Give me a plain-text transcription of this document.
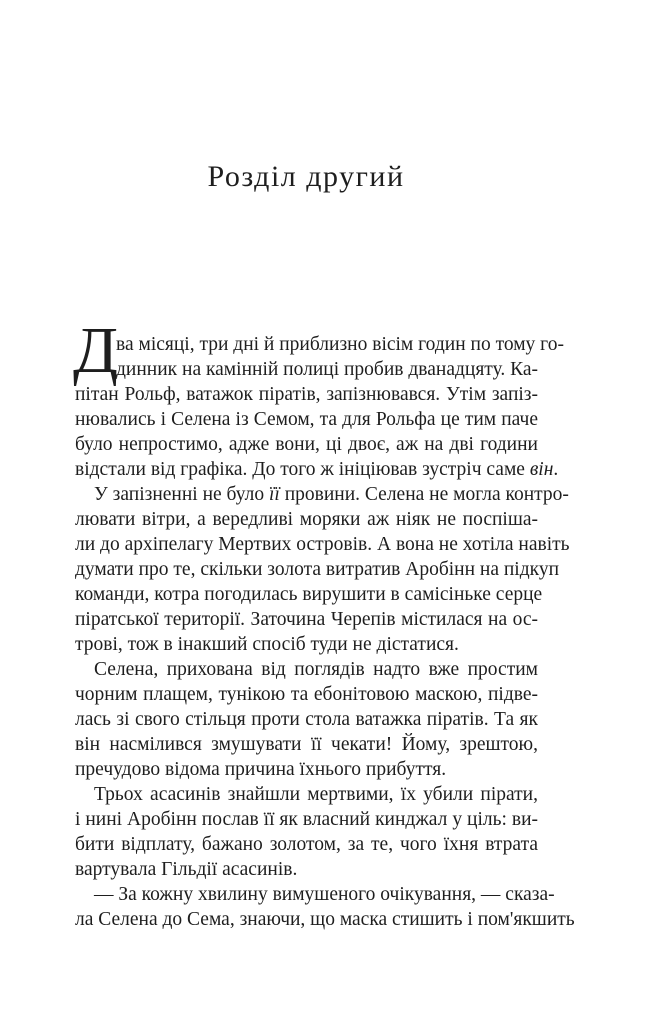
Розділ другий
Д
ва місяці, три дні й приблизно вісім годин по тому го-
динник на камінній полиці пробив дванадцяту. Ка-
пітан Рольф, ватажок піратів, запізнювався. Утім запіз-
нювались і Селена із Семом, та для Рольфа це тим паче
було непростимо, адже вони, ці двоє, аж на дві години
відстали від графіка. До того ж ініціював зустріч саме він.
У запізненні не було її провини. Селена не могла контро-
лювати вітри, а вередливі моряки аж ніяк не поспіша-
ли до архіпелагу Мертвих островів. А вона не хотіла навіть
думати про те, скільки золота витратив Аробінн на підкуп
команди, котра погодилась вирушити в самісіньке серце
піратської території. Заточина Черепів містилася на ос-
трові, тож в інакший спосіб туди не дістатися.
Селена, прихована від поглядів надто вже простим
чорним плащем, тунікою та ебонітовою маскою, підве-
лась зі свого стільця проти стола ватажка піратів. Та як
він насмілився змушувати її чекати! Йому, зрештою,
пречудово відома причина їхнього прибуття.
Трьох асасинів знайшли мертвими, їх убили пірати,
і нині Аробінн послав її як власний кинджал у ціль: ви-
бити відплату, бажано золотом, за те, чого їхня втрата
вартувала Гільдії асасинів.
— За кожну хвилину вимушеного очікування, — сказа-
ла Селена до Сема, знаючи, що маска стишить і пом'якшить
